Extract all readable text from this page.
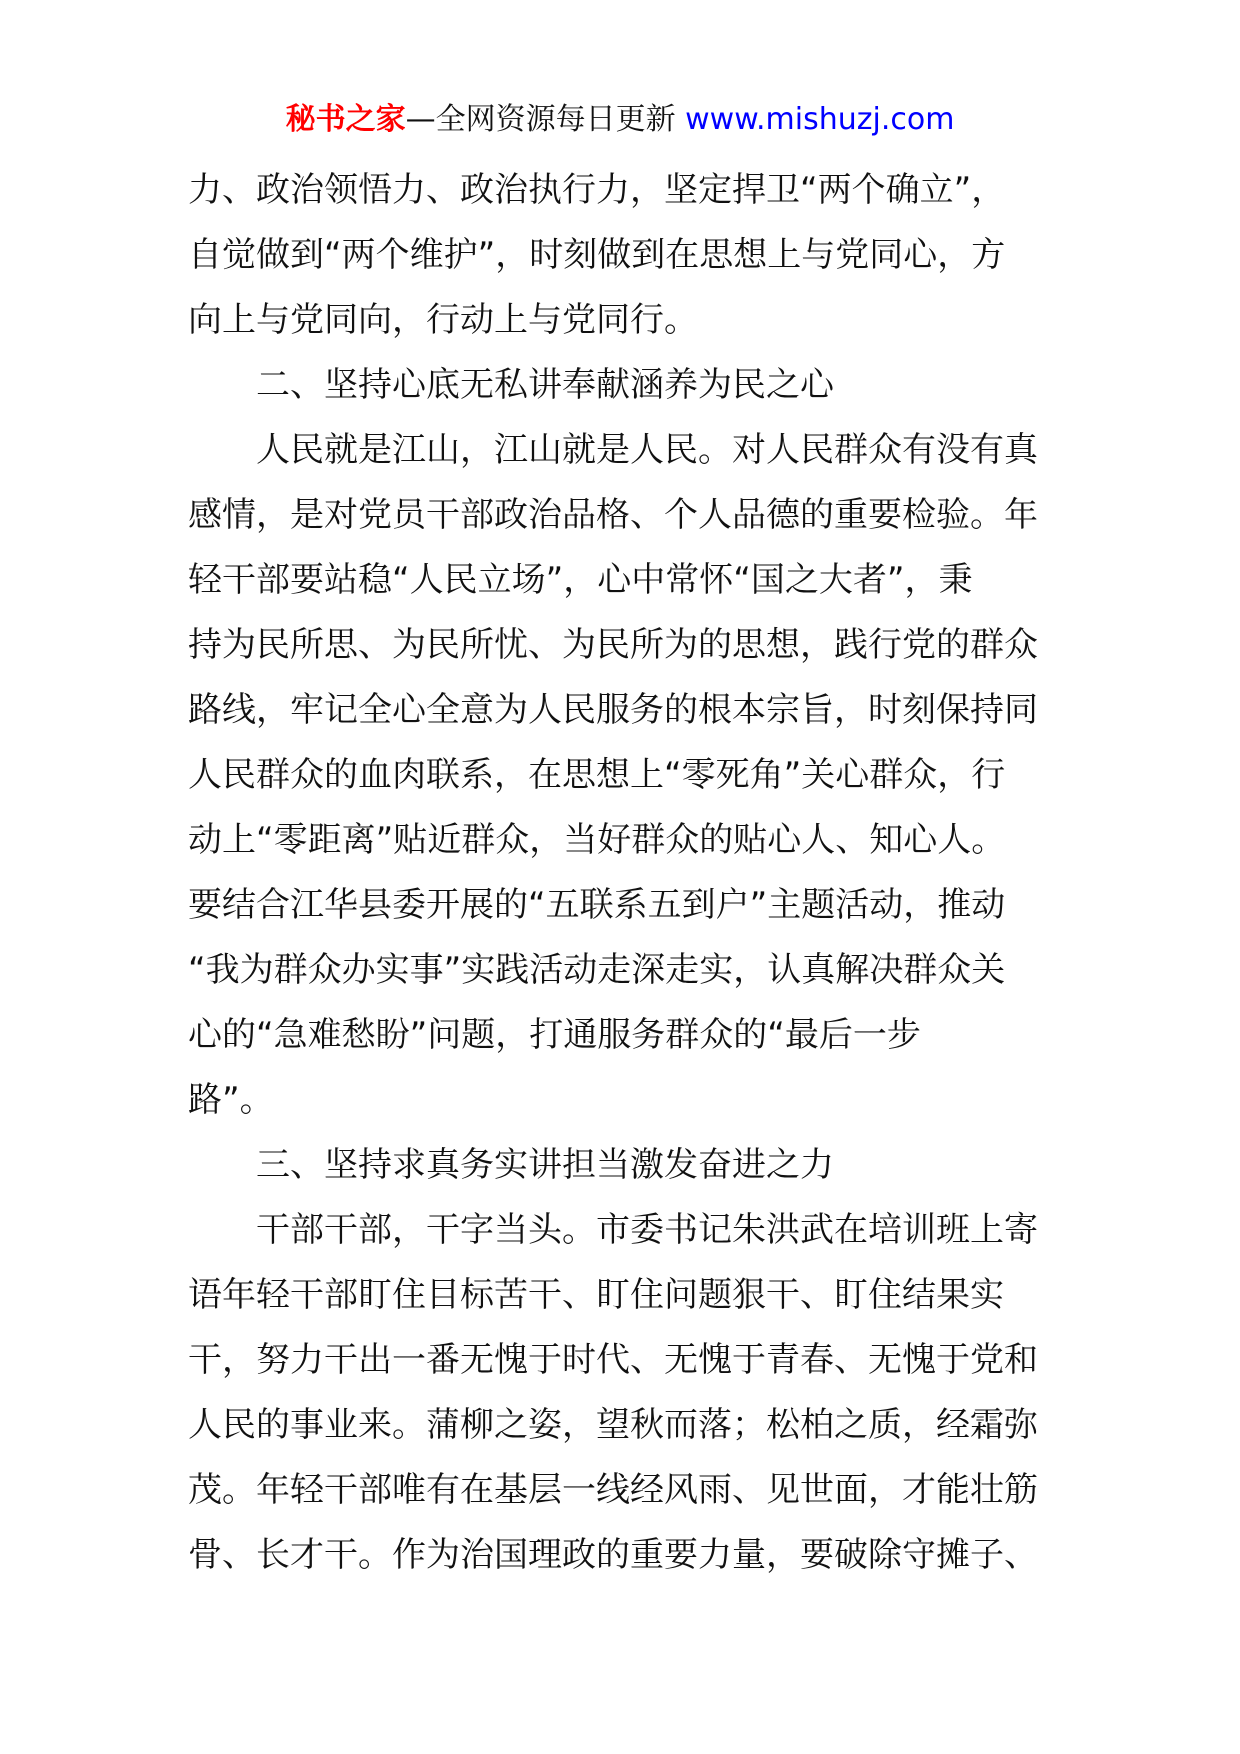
秘书之家—全网资源每日更新 www.mishuzj.com
力、政治领悟力、政治执行力，坚定捍卫“两个确立”，
自觉做到“两个维护”，时刻做到在思想上与党同心，方
向上与党同向，行动上与党同行。
二、坚持心底无私讲奉献涵养为民之心
人民就是江山，江山就是人民。对人民群众有没有真
感情，是对党员干部政治品格、个人品德的重要检验。年
轻干部要站稳“人民立场”，心中常怀“国之大者”，秉
持为民所思、为民所忧、为民所为的思想，践行党的群众
路线，牢记全心全意为人民服务的根本宗旨，时刻保持同
人民群众的血肉联系，在思想上“零死角”关心群众，行
动上“零距离”贴近群众，当好群众的贴心人、知心人。
要结合江华县委开展的“五联系五到户”主题活动，推动
“我为群众办实事”实践活动走深走实，认真解决群众关
心的“急难愁盼”问题，打通服务群众的“最后一步
路”。
三、坚持求真务实讲担当激发奋进之力
干部干部，干字当头。市委书记朱洪武在培训班上寄
语年轻干部盯住目标苦干、盯住问题狠干、盯住结果实
干，努力干出一番无愧于时代、无愧于青春、无愧于党和
人民的事业来。蒲柳之姿，望秋而落；松柏之质，经霜弥
茂。年轻干部唯有在基层一线经风雨、见世面，才能壮筋
骨、长才干。作为治国理政的重要力量，要破除守摊子、
